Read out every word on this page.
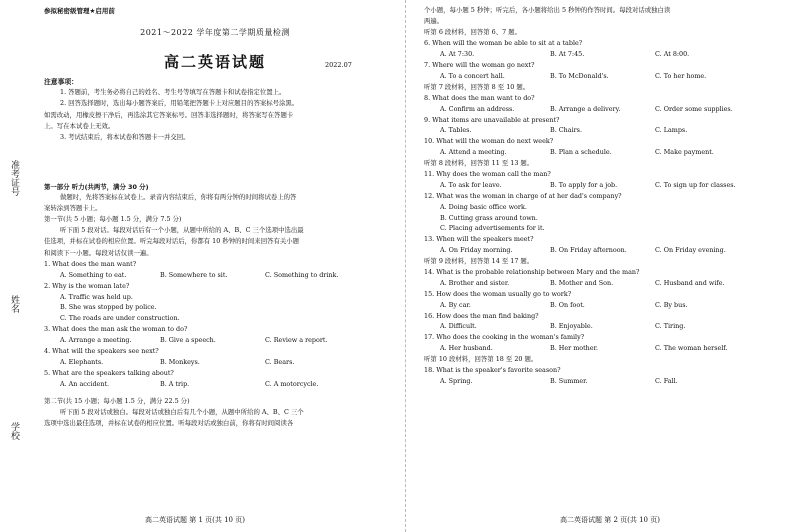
准考证号
姓名
学校
参拟秘密级管理★启用前
2021～2022 学年度第二学期质量检测
高二英语试题	2022.07
注意事项：
1. 答题前，考生务必将自己的姓名、考生号等填写在答题卡和试卷指定位置上。
2. 回答选择题时，选出每小题答案后，用铅笔把答题卡上对应题目的答案标号涂黑。
如需改动，用橡皮擦干净后，再选涂其它答案标号。回答非选择题时，将答案写在答题卡
上。写在本试卷上无效。
3. 考试结束后，将本试卷和答题卡一并交回。
第一部分 听力(共两节，满分 30 分)
做题时，先将答案标在试卷上。录音内容结束后，你将有两分钟的时间将试卷上的答
案转涂到答题卡上。
第一节(共 5 小题；每小题 1.5 分，满分 7.5 分)
听下面 5 段对话。每段对话后有一个小题，从题中所给的 A、B、C 三个选项中选出最
佳选项，并标在试卷的相应位置。听完每段对话后，你都有 10 秒钟的时间来回答有关小题
和阅读下一小题。每段对话仅读一遍。
1. What does the man want?
A. Something to eat.	B. Somewhere to sit.	C. Something to drink.
2. Why is the woman late?
A. Traffic was held up.
B. She was stopped by police.
C. The roads are under construction.
3. What does the man ask the woman to do?
A. Arrange a meeting.	B. Give a speech.	C. Review a report.
4. What will the speakers see next?
A. Elephants.	B. Monkeys.	C. Bears.
5. What are the speakers talking about?
A. An accident.	B. A trip.	C. A motorcycle.
第二节(共 15 小题；每小题 1.5 分，满分 22.5 分)
听下面 5 段对话或独白。每段对话或独白后有几个小题，从题中所给的 A、B、C 三个
选项中选出最佳选项，并标在试卷的相应位置。听每段对话或独白前，你将有时间阅读各
高二英语试题 第 1 页(共 10 页)
个小题，每小题 5 秒钟；听完后，各小题将给出 5 秒钟的作答时间。每段对话或独白读
两遍。
听第 6 段材料，回答第 6、7 题。
6. When will the woman be able to sit at a table?
A. At 7:30.	B. At 7:45.	C. At 8:00.
7. Where will the woman go next?
A. To a concert hall.	B. To McDonald's.	C. To her home.
听第 7 段材料，回答第 8 至 10 题。
8. What does the man want to do?
A. Confirm an address.	B. Arrange a delivery.	C. Order some supplies.
9. What items are unavailable at present?
A. Tables.	B. Chairs.	C. Lamps.
10. What will the woman do next week?
A. Attend a meeting.	B. Plan a schedule.	C. Make payment.
听第 8 段材料，回答第 11 至 13 题。
11. Why does the woman call the man?
A. To ask for leave.	B. To apply for a job.	C. To sign up for classes.
12. What was the woman in charge of at her dad's company?
A. Doing basic office work.
B. Cutting grass around town.
C. Placing advertisements for it.
13. When will the speakers meet?
A. On Friday morning.	B. On Friday afternoon.	C. On Friday evening.
听第 9 段材料，回答第 14 至 17 题。
14. What is the probable relationship between Mary and the man?
A. Brother and sister.	B. Mother and Son.	C. Husband and wife.
15. How does the woman usually go to work?
A. By car.	B. On foot.	C. By bus.
16. How does the man find baking?
A. Difficult.	B. Enjoyable.	C. Tiring.
17. Who does the cooking in the woman's family?
A. Her husband.	B. Her mother.	C. The woman herself.
听第 10 段材料，回答第 18 至 20 题。
18. What is the speaker's favorite season?
A. Spring.	B. Summer.	C. Fall.
高二英语试题 第 2 页(共 10 页)
